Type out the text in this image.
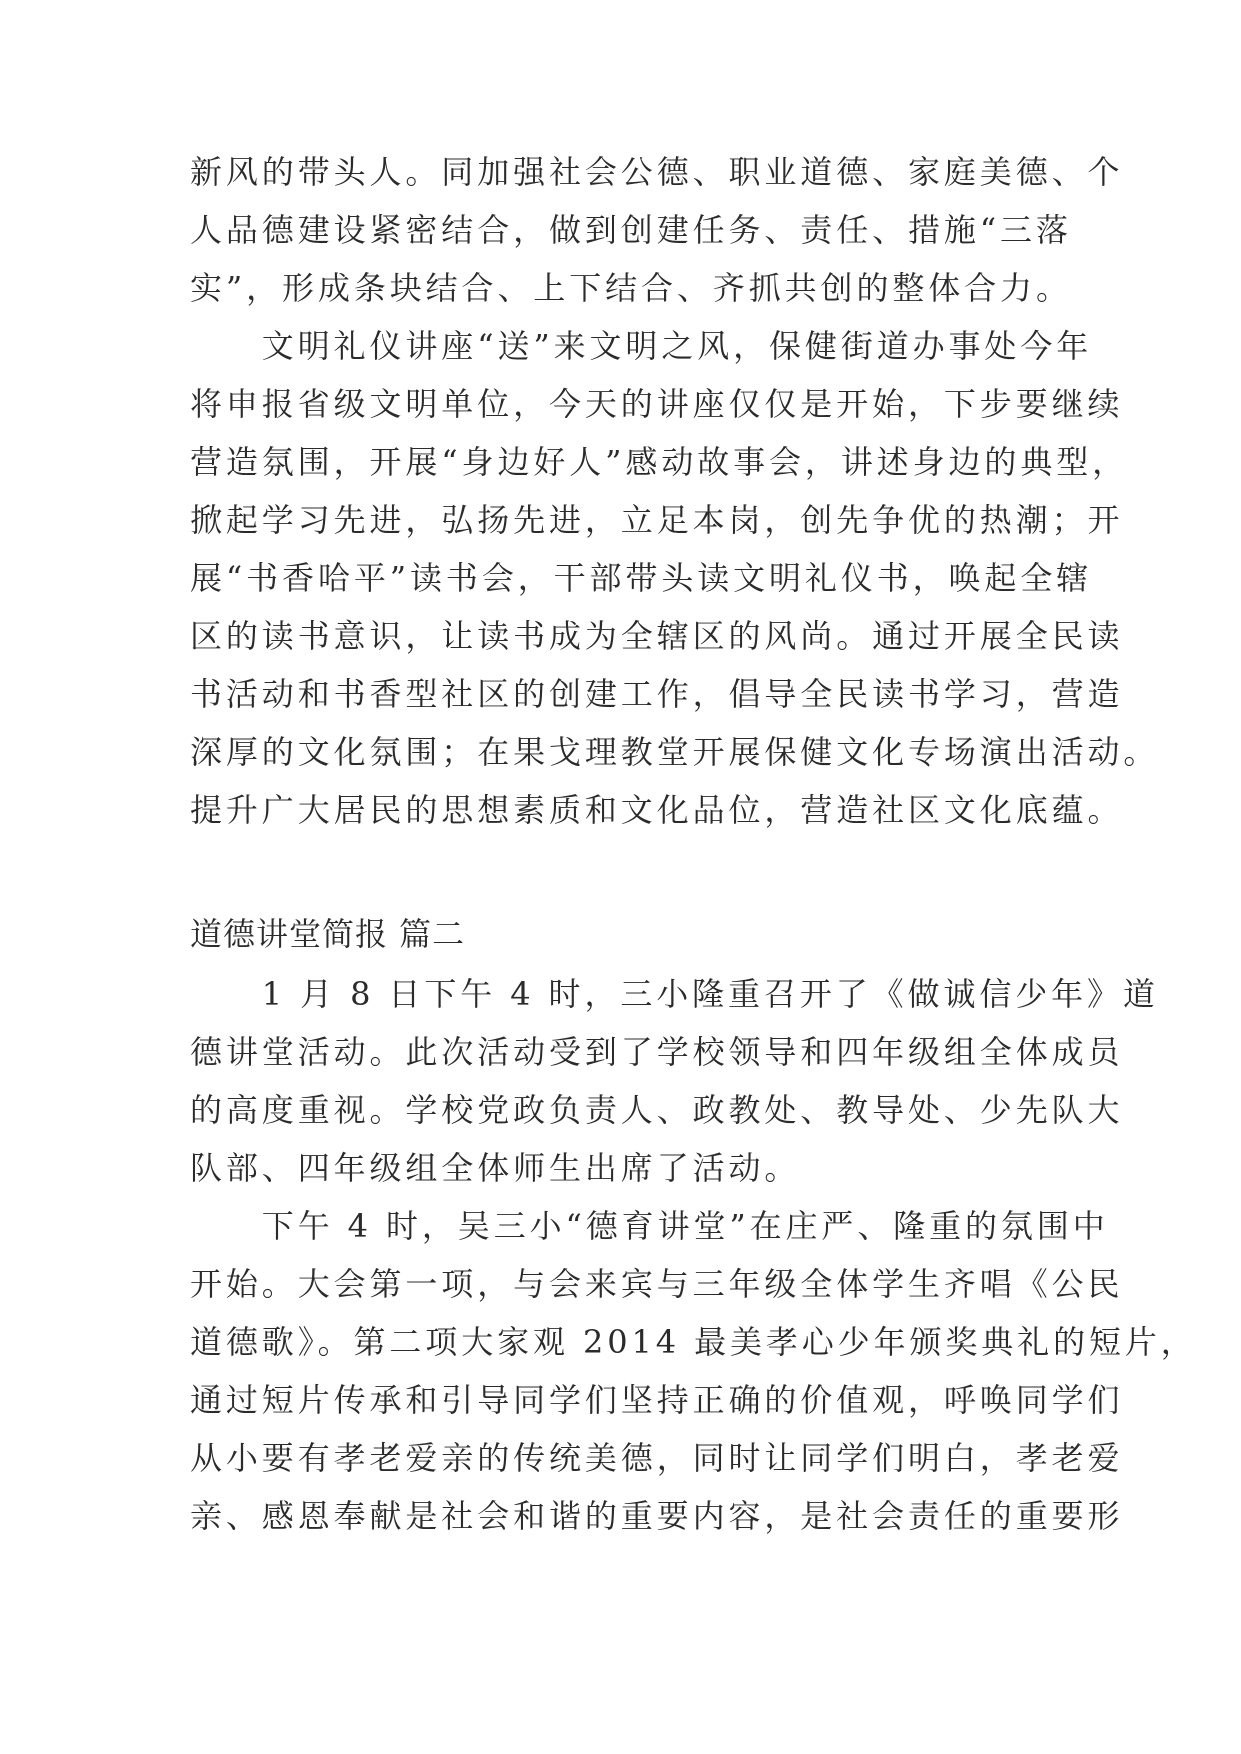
新风的带头人。同加强社会公德、职业道德、家庭美德、个
人品德建设紧密结合，做到创建任务、责任、措施“三落
实”，形成条块结合、上下结合、齐抓共创的整体合力。
　　文明礼仪讲座“送”来文明之风，保健街道办事处今年
将申报省级文明单位，今天的讲座仅仅是开始，下步要继续
营造氛围，开展“身边好人”感动故事会，讲述身边的典型，
掀起学习先进，弘扬先进，立足本岗，创先争优的热潮；开
展“书香哈平”读书会，干部带头读文明礼仪书，唤起全辖
区的读书意识，让读书成为全辖区的风尚。通过开展全民读
书活动和书香型社区的创建工作，倡导全民读书学习，营造
深厚的文化氛围；在果戈理教堂开展保健文化专场演出活动。
提升广大居民的思想素质和文化品位，营造社区文化底蕴。
道德讲堂简报 篇二
　　1 月 8 日下午 4 时，三小隆重召开了《做诚信少年》道
德讲堂活动。此次活动受到了学校领导和四年级组全体成员
的高度重视。学校党政负责人、政教处、教导处、少先队大
队部、四年级组全体师生出席了活动。
　　下午 4 时，吴三小“德育讲堂”在庄严、隆重的氛围中
开始。大会第一项，与会来宾与三年级全体学生齐唱《公民
道德歌》。第二项大家观 2014 最美孝心少年颁奖典礼的短片，
通过短片传承和引导同学们坚持正确的价值观，呼唤同学们
从小要有孝老爱亲的传统美德，同时让同学们明白，孝老爱
亲、感恩奉献是社会和谐的重要内容，是社会责任的重要形
